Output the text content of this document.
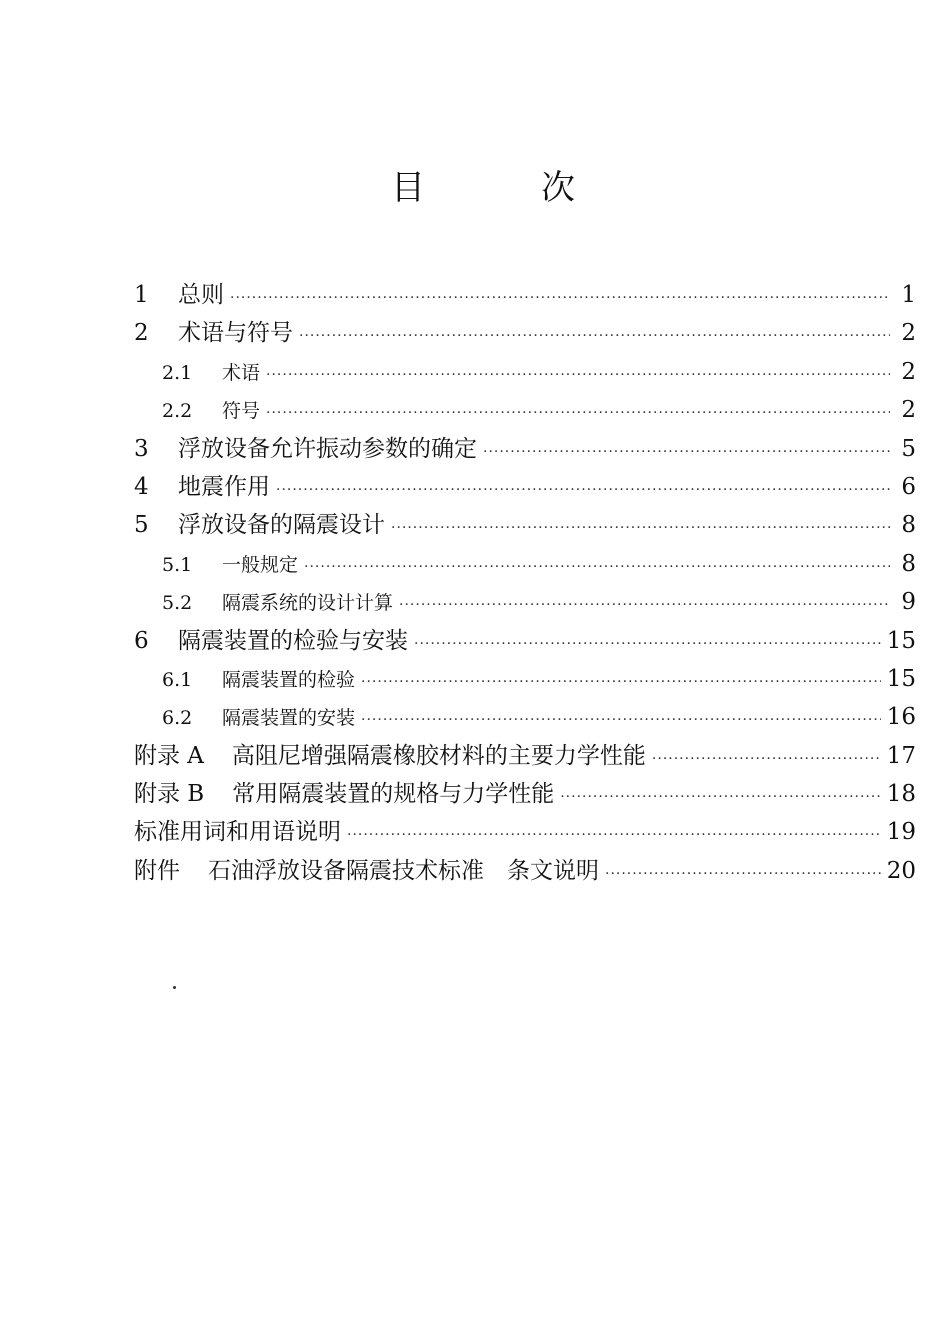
目	次
1	总则 ·····	1
2	术语与符号 ·····	2
2.1	术语 ·····	2
2.2	符号 ·····	2
3	浮放设备允许振动参数的确定 ·····	5
4	地震作用 ·····	6
5	浮放设备的隔震设计 ·····	8
5.1	一般规定 ·····	8
5.2	隔震系统的设计计算 ·····	9
6	隔震装置的检验与安装 ·····	15
6.1	隔震装置的检验 ·····	15
6.2	隔震装置的安装 ·····	16
附录 A 高阻尼增强隔震橡胶材料的主要力学性能 ·····	17
附录 B 常用隔震装置的规格与力学性能 ·····	18
标准用词和用语说明 ·····	19
附件 石油浮放设备隔震技术标准　条文说明 ·····	20
